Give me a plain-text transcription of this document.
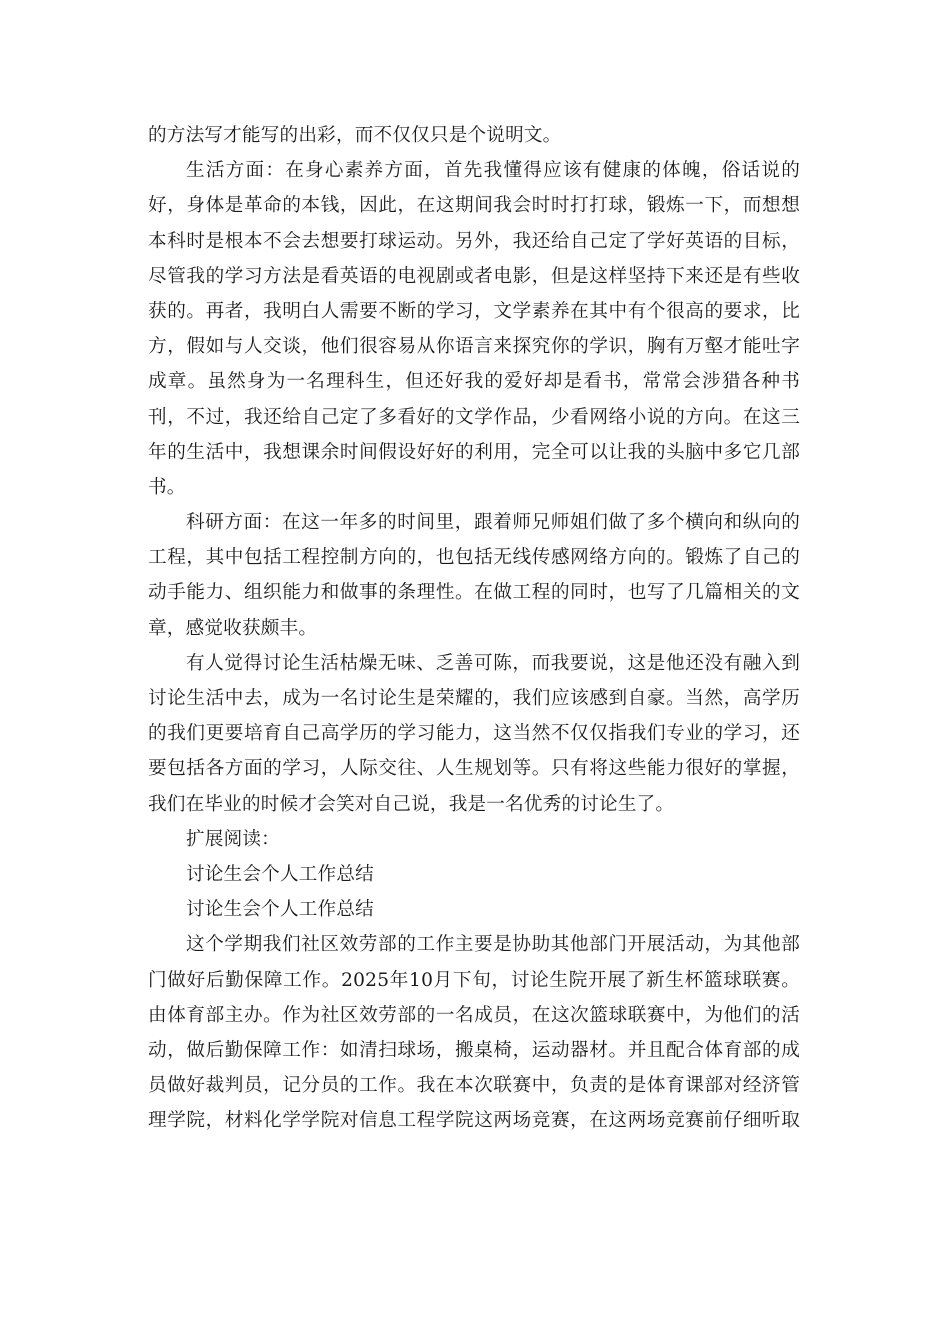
的方法写才能写的出彩，而不仅仅只是个说明文。
生活方面：在身心素养方面，首先我懂得应该有健康的体魄，俗话说的
好，身体是革命的本钱，因此，在这期间我会时时打打球，锻炼一下，而想想
本科时是根本不会去想要打球运动。另外，我还给自己定了学好英语的目标，
尽管我的学习方法是看英语的电视剧或者电影，但是这样坚持下来还是有些收
获的。再者，我明白人需要不断的学习，文学素养在其中有个很高的要求，比
方，假如与人交谈，他们很容易从你语言来探究你的学识，胸有万壑才能吐字
成章。虽然身为一名理科生，但还好我的爱好却是看书，常常会涉猎各种书
刊，不过，我还给自己定了多看好的文学作品，少看网络小说的方向。在这三
年的生活中，我想课余时间假设好好的利用，完全可以让我的头脑中多它几部
书。
科研方面：在这一年多的时间里，跟着师兄师姐们做了多个横向和纵向的
工程，其中包括工程控制方向的，也包括无线传感网络方向的。锻炼了自己的
动手能力、组织能力和做事的条理性。在做工程的同时，也写了几篇相关的文
章，感觉收获颇丰。
有人觉得讨论生活枯燥无味、乏善可陈，而我要说，这是他还没有融入到
讨论生活中去，成为一名讨论生是荣耀的，我们应该感到自豪。当然，高学历
的我们更要培育自己高学历的学习能力，这当然不仅仅指我们专业的学习，还
要包括各方面的学习，人际交往、人生规划等。只有将这些能力很好的掌握，
我们在毕业的时候才会笑对自己说，我是一名优秀的讨论生了。
扩展阅读：
讨论生会个人工作总结
讨论生会个人工作总结
这个学期我们社区效劳部的工作主要是协助其他部门开展活动，为其他部
门做好后勤保障工作。2025年10月下旬，讨论生院开展了新生杯篮球联赛。
由体育部主办。作为社区效劳部的一名成员，在这次篮球联赛中，为他们的活
动，做后勤保障工作：如清扫球场，搬桌椅，运动器材。并且配合体育部的成
员做好裁判员，记分员的工作。我在本次联赛中，负责的是体育课部对经济管
理学院，材料化学学院对信息工程学院这两场竞赛，在这两场竞赛前仔细听取
